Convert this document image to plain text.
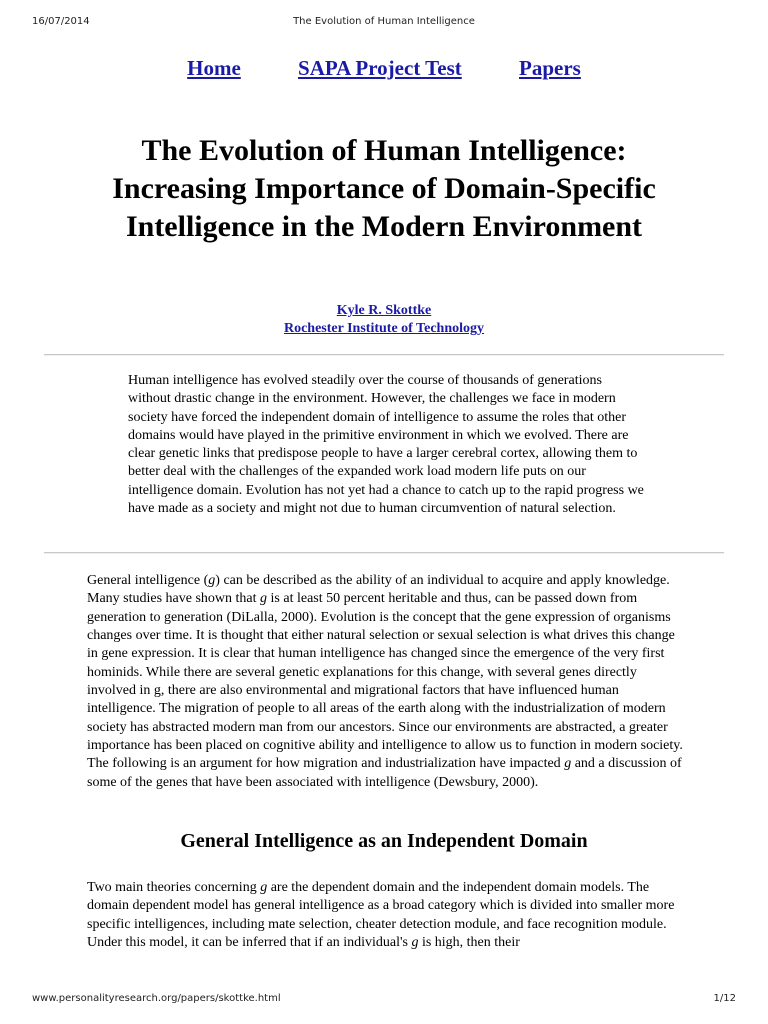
16/07/2014	The Evolution of Human Intelligence
Home	SAPA Project Test	Papers
The Evolution of Human Intelligence: Increasing Importance of Domain-Specific Intelligence in the Modern Environment
Kyle R. Skottke
Rochester Institute of Technology

Human intelligence has evolved steadily over the course of thousands of generations without drastic change in the environment. However, the challenges we face in modern society have forced the independent domain of intelligence to assume the roles that other domains would have played in the primitive environment in which we evolved. There are clear genetic links that predispose people to have a larger cerebral cortex, allowing them to better deal with the challenges of the expanded work load modern life puts on our intelligence domain. Evolution has not yet had a chance to catch up to the rapid progress we have made as a society and might not due to human circumvention of natural selection.

General intelligence (g) can be described as the ability of an individual to acquire and apply knowledge. Many studies have shown that g is at least 50 percent heritable and thus, can be passed down from generation to generation (DiLalla, 2000). Evolution is the concept that the gene expression of organisms changes over time. It is thought that either natural selection or sexual selection is what drives this change in gene expression. It is clear that human intelligence has changed since the emergence of the very first hominids. While there are several genetic explanations for this change, with several genes directly involved in g, there are also environmental and migrational factors that have influenced human intelligence. The migration of people to all areas of the earth along with the industrialization of modern society has abstracted modern man from our ancestors. Since our environments are abstracted, a greater importance has been placed on cognitive ability and intelligence to allow us to function in modern society. The following is an argument for how migration and industrialization have impacted g and a discussion of some of the genes that have been associated with intelligence (Dewsbury, 2000).

General Intelligence as an Independent Domain

Two main theories concerning g are the dependent domain and the independent domain models. The domain dependent model has general intelligence as a broad category which is divided into smaller more specific intelligences, including mate selection, cheater detection module, and face recognition module. Under this model, it can be inferred that if an individual's g is high, then their

www.personalityresearch.org/papers/skottke.html	1/12
